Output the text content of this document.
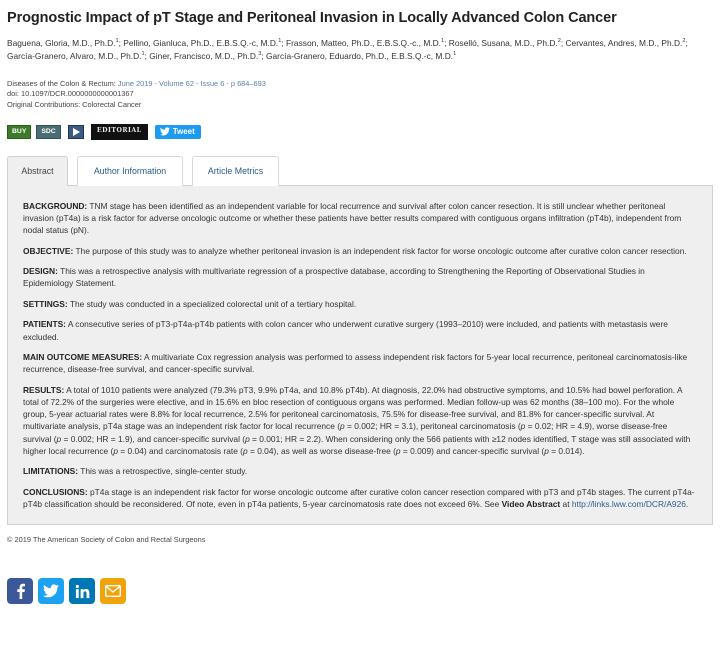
Prognostic Impact of pT Stage and Peritoneal Invasion in Locally Advanced Colon Cancer
Baguena, Gloria, M.D., Ph.D.$^1$; Pellino, Gianluca, Ph.D., E.B.S.Q.-c, M.D.$^1$; Frasson, Matteo, Ph.D., E.B.S.Q.-c., M.D.$^1$; Roselló, Susana, M.D., Ph.D.$^2$; Cervantes, Andres, M.D., Ph.D.$^2$; García-Granero, Alvaro, M.D., Ph.D.$^1$; Giner, Francisco, M.D., Ph.D.$^3$; García-Granero, Eduardo, Ph.D., E.B.S.Q.-c, M.D.$^1$
Diseases of the Colon & Rectum: June 2019 - Volume 62 - Issue 6 - p 684–693
doi: 10.1097/DCR.0000000000001367
Original Contributions: Colorectal Cancer
BUY	SDC	EDITORIAL	Tweet
Abstract	Author Information	Article Metrics

BACKGROUND: TNM stage has been identified as an independent variable for local recurrence and survival after colon cancer resection. It is still unclear whether peritoneal invasion (pT4a) is a risk factor for adverse oncologic outcome or whether these patients have better results compared with contiguous organs infiltration (pT4b), independent from nodal status (pN).

OBJECTIVE: The purpose of this study was to analyze whether peritoneal invasion is an independent risk factor for worse oncologic outcome after curative colon cancer resection.

DESIGN: This was a retrospective analysis with multivariate regression of a prospective database, according to Strengthening the Reporting of Observational Studies in Epidemiology Statement.

SETTINGS: The study was conducted in a specialized colorectal unit of a tertiary hospital.

PATIENTS: A consecutive series of pT3-pT4a-pT4b patients with colon cancer who underwent curative surgery (1993–2010) were included, and patients with metastasis were excluded.

MAIN OUTCOME MEASURES: A multivariate Cox regression analysis was performed to assess independent risk factors for 5-year local recurrence, peritoneal carcinomatosis-like recurrence, disease-free survival, and cancer-specific survival.

RESULTS: A total of 1010 patients were analyzed (79.3% pT3, 9.9% pT4a, and 10.8% pT4b). At diagnosis, 22.0% had obstructive symptoms, and 10.5% had bowel perforation. A total of 72.2% of the surgeries were elective, and in 15.6% en bloc resection of contiguous organs was performed. Median follow-up was 62 months (38–100 mo). For the whole group, 5-year actuarial rates were 8.8% for local recurrence, 2.5% for peritoneal carcinomatosis, 75.5% for disease-free survival, and 81.8% for cancer-specific survival. At multivariate analysis, pT4a stage was an independent risk factor for local recurrence (p = 0.002; HR = 3.1), peritoneal carcinomatosis (p = 0.02; HR = 4.9), worse disease-free survival (p = 0.002; HR = 1.9), and cancer-specific survival (p = 0.001; HR = 2.2). When considering only the 566 patients with ≥12 nodes identified, T stage was still associated with higher local recurrence (p = 0.04) and carcinomatosis rate (p = 0.04), as well as worse disease-free (p = 0.009) and cancer-specific survival (p = 0.014).

LIMITATIONS: This was a retrospective, single-center study.

CONCLUSIONS: pT4a stage is an independent risk factor for worse oncologic outcome after curative colon cancer resection compared with pT3 and pT4b stages. The current pT4a-pT4b classification should be reconsidered. Of note, even in pT4a patients, 5-year carcinomatosis rate does not exceed 6%. See Video Abstract at http://links.lww.com/DCR/A926.

© 2019 The American Society of Colon and Rectal Surgeons
